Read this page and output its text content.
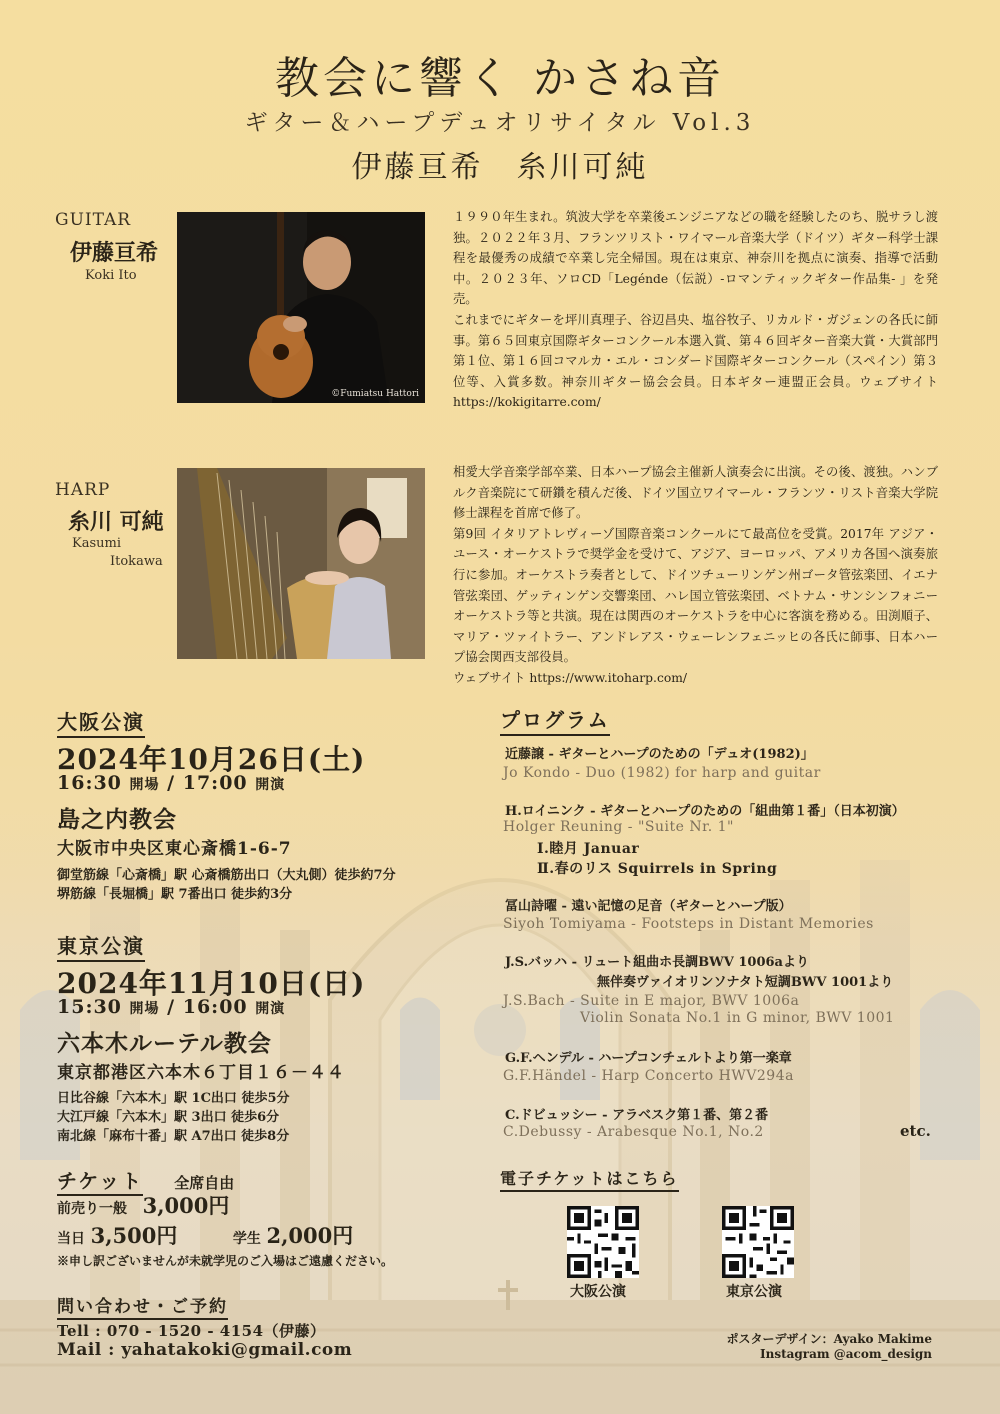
教会に響く かさね音
ギター＆ハープデュオリサイタル Vol.3
伊藤亘希　糸川可純
GUITAR
伊藤亘希
Koki Ito
©Fumiatsu Hattori

１９９０年生まれ。筑波大学を卒業後エンジニアなどの職を経験したのち、脱サラし渡独。２０２２年３月、フランツリスト・ワイマール音楽大学（ドイツ）ギター科学士課程を最優秀の成績で卒業し完全帰国。現在は東京、神奈川を拠点に演奏、指導で活動中。２０２３年、ソロCD「Legénde（伝説）-ロマンティックギター作品集- 」を発売。

これまでにギターを坪川真理子、谷辺昌央、塩谷牧子、リカルド・ガジェンの各氏に師事。第６５回東京国際ギターコンクール本選入賞、第４６回ギター音楽大賞・大賞部門第１位、第１６回コマルカ・エル・コンダード国際ギターコンクール（スペイン）第３位等、入賞多数。神奈川ギター協会会員。日本ギター連盟正会員。ウェブサイト https://kokigitarre.com/

HARP
糸川 可純
Kasumi
Itokawa

相愛大学音楽学部卒業、日本ハープ協会主催新人演奏会に出演。その後、渡独。ハンブルク音楽院にて研鑽を積んだ後、ドイツ国立ワイマール・フランツ・リスト音楽大学院修士課程を首席で修了。

第9回 イタリアトレヴィーゾ国際音楽コンクールにて最高位を受賞。2017年 アジア・ユース・オーケストラで奨学金を受けて、アジア、ヨーロッパ、アメリカ各国へ演奏旅行に参加。オーケストラ奏者として、ドイツチューリンゲン州ゴータ管弦楽団、イエナ管弦楽団、ゲッティンゲン交響楽団、ハレ国立管弦楽団、ベトナム・サンシンフォニーオーケストラ等と共演。現在は関西のオーケストラを中心に客演を務める。田渕順子、マリア・ツァイトラー、アンドレアス・ウェーレンフェニッヒの各氏に師事、日本ハープ協会関西支部役員。

ウェブサイト https://www.itoharp.com/

大阪公演
2024年10月26日(土)
16:30 開場 / 17:00 開演
島之内教会
大阪市中央区東心斎橋1-6-7
御堂筋線「心斎橋」駅 心斎橋筋出口（大丸側）徒歩約7分
堺筋線「長堀橋」駅 7番出口 徒歩約3分
東京公演
2024年11月10日(日)
15:30 開場 / 16:00 開演
六本木ルーテル教会
東京都港区六本木６丁目１６－４４
日比谷線「六本木」駅 1C出口 徒歩5分
大江戸線「六本木」駅 3出口 徒歩6分
南北線「麻布十番」駅 A7出口 徒歩8分
チケット 全席自由
前売り一般 3,000円
当日 3,500円	学生 2,000円
※申し訳ございませんが未就学児のご入場はご遠慮ください。
問い合わせ・ご予約
Tell : 070 - 1520 - 4154（伊藤）
Mail : yahatakoki@gmail.com
プログラム
近藤譲 - ギターとハープのための「デュオ(1982)」
Jo Kondo - Duo (1982) for harp and guitar
H.ロイニンク - ギターとハープのための「組曲第１番」（日本初演）
Holger Reuning - "Suite Nr. 1"
Ⅰ.睦月 Januar
Ⅱ.春のリス Squirrels in Spring
冨山詩曜 - 遠い記憶の足音（ギターとハープ版）
Siyoh Tomiyama - Footsteps in Distant Memories
J.S.バッハ - リュート組曲ホ長調BWV 1006aより
無伴奏ヴァイオリンソナタト短調BWV 1001より
J.S.Bach - Suite in E major, BWV 1006a
Violin Sonata No.1 in G minor, BWV 1001
G.F.ヘンデル - ハープコンチェルトより第一楽章
G.F.Händel - Harp Concerto HWV294a
C.ドビュッシー - アラベスク第１番、第２番
C.Debussy - Arabesque No.1, No.2	etc.
電子チケットはこちら
大阪公演	東京公演
ポスターデザイン：Ayako Makime
Instagram @acom_design
